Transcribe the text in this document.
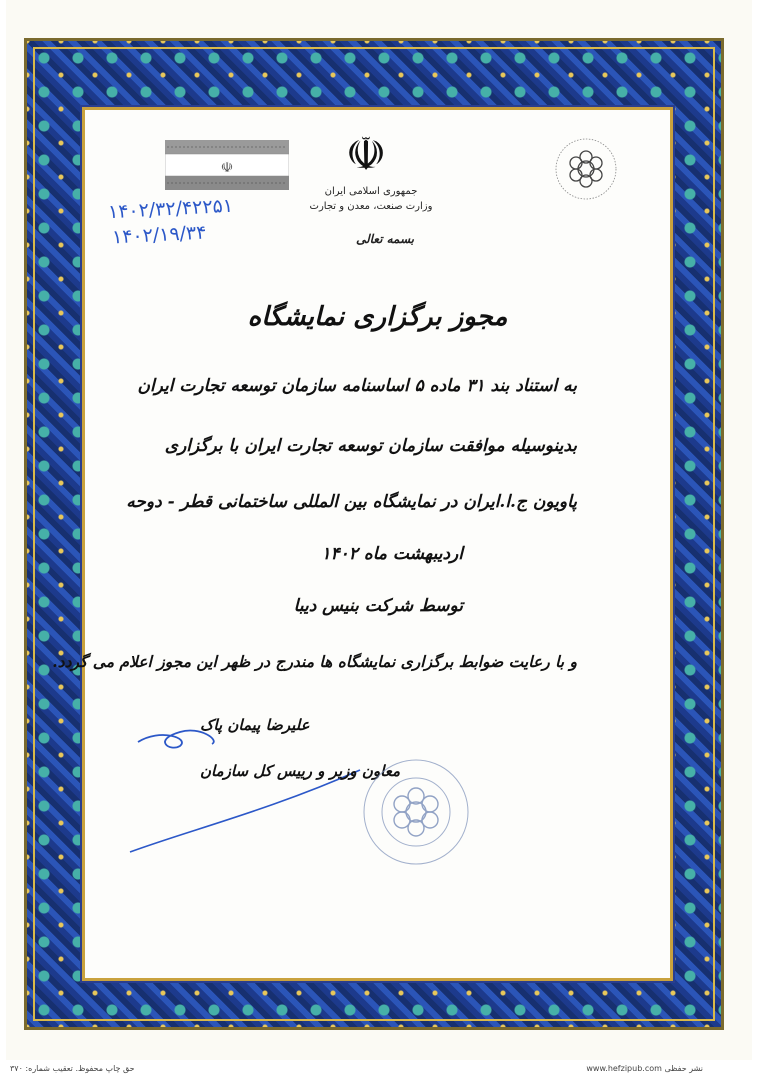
☫ ☫
جمهوری اسلامی ایران
وزارت صنعت، معدن و تجارت
۱۴۰۲/۳۲/۴۲۲۵۱
۱۴۰۲/۱۹/۳۴	بسمه تعالی
مجوز برگزاری نمایشگاه
به استناد بند ۳۱ ماده ۵ اساسنامه سازمان توسعه تجارت ایران
بدینوسیله موافقت سازمان توسعه تجارت ایران با برگزاری
پاویون ج.ا.ایران در نمایشگاه بین المللی ساختمانی قطر - دوحه
اردیبهشت ماه ۱۴۰۲
توسط شرکت بنیس دیبا
و با رعایت ضوابط برگزاری نمایشگاه ها مندرج در ظهر این مجوز اعلام می گردد.
علیرضا پیمان پاک
معاون وزیر و رییس کل سازمان
حق چاپ محفوظ. تعقیب شماره: ۳۷۰	www.hefzipub.com نشر حفظی
